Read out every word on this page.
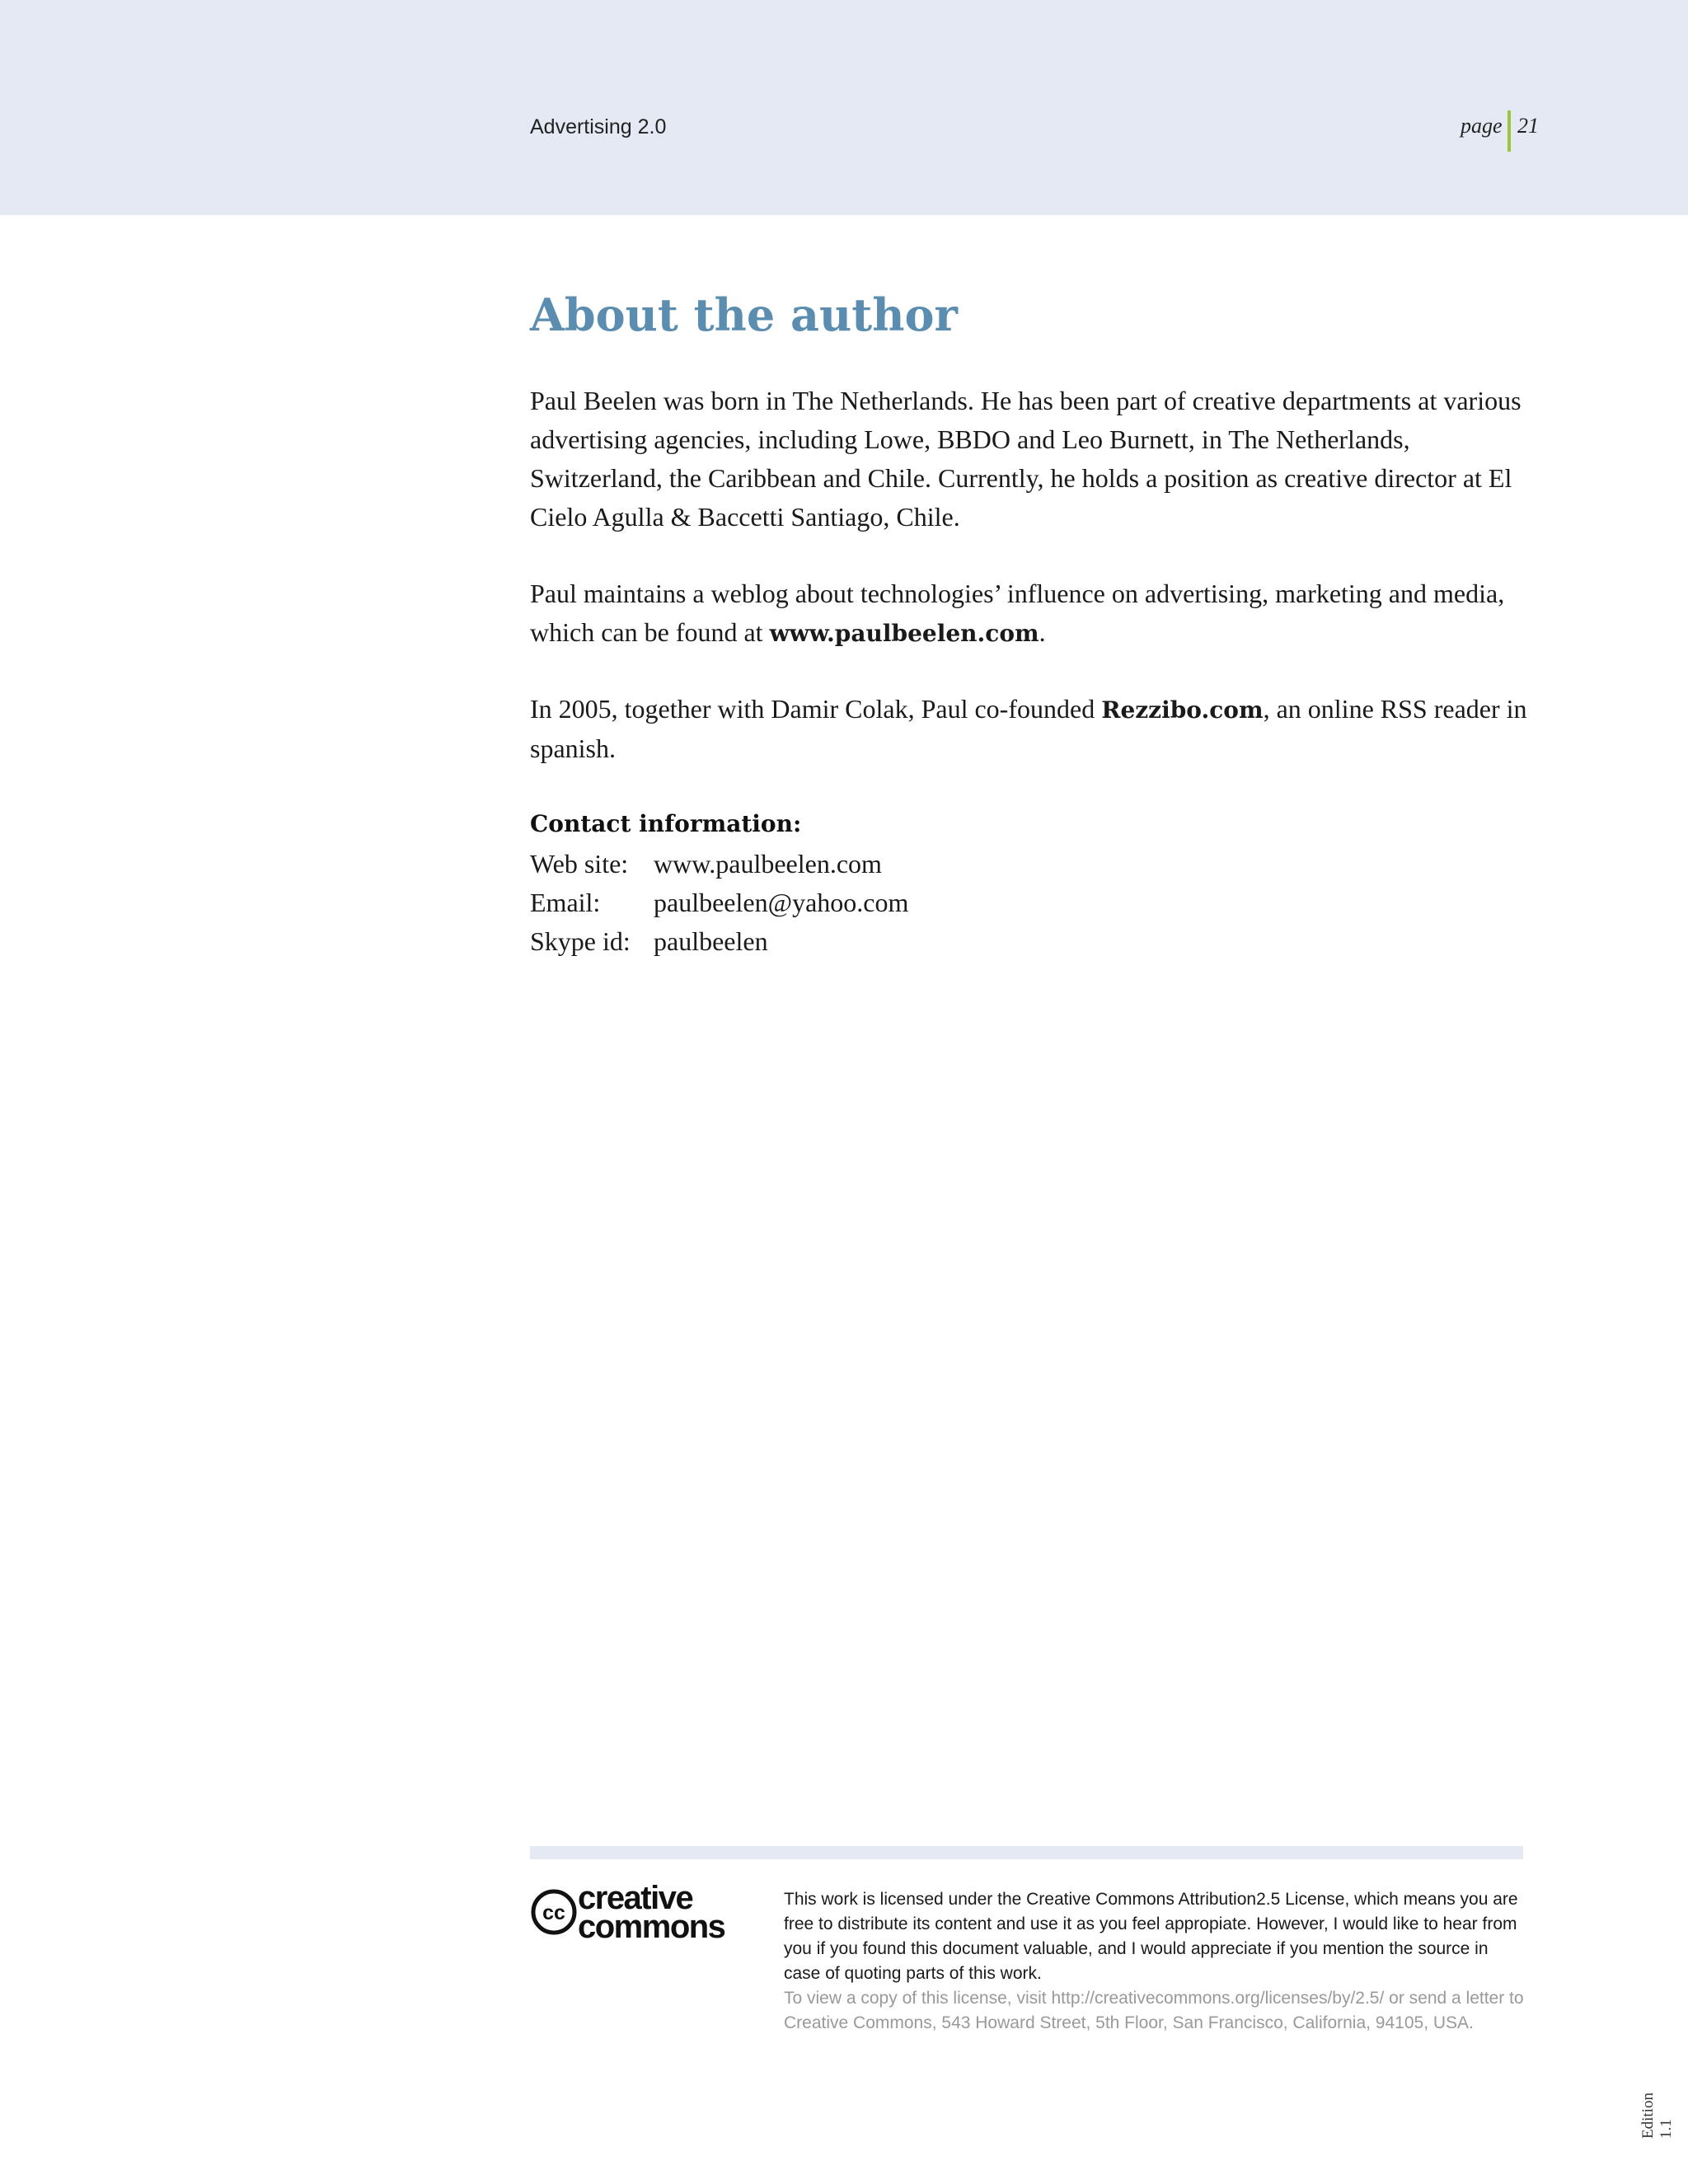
Advertising 2.0	page 21
About the author

Paul Beelen was born in The Netherlands. He has been part of creative departments at various advertising agencies, including Lowe, BBDO and Leo Burnett, in The Netherlands, Switzerland, the Caribbean and Chile. Currently, he holds a position as creative director at El Cielo Agulla & Baccetti Santiago, Chile.

Paul maintains a weblog about technologies’ influence on advertising, marketing and media, which can be found at www.paulbeelen.com.

In 2005, together with Damir Colak, Paul co-founded Rezzibo.com, an online RSS reader in spanish.

Contact information:
Web site: www.paulbeelen.com
Email:	paulbeelen@yahoo.com
Skype id: paulbeelen
cc creative
commons
This work is licensed under the Creative Commons Attribution2.5 License, which means you are free to distribute its content and use it as you feel appropiate. However, I would like to hear from you if you found this document valuable, and I would appreciate if you mention the source in case of quoting parts of this work.
To view a copy of this license, visit http://creativecommons.org/licenses/by/2.5/ or send a letter to Creative Commons, 543 Howard Street, 5th Floor, San Francisco, California, 94105, USA.
Edition 1.1
